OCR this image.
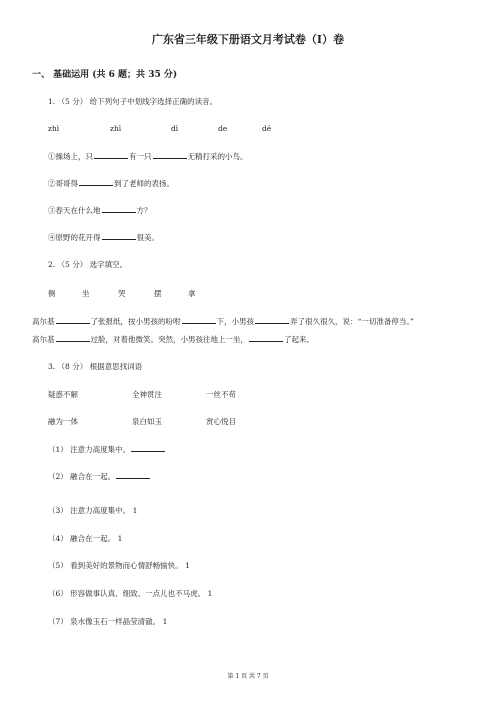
广东省三年级下册语文月考试卷（I）卷
一、 基础运用 (共 6 题；共 35 分)
1. （5 分） 给下列句子中划线字选择正确的读音。
zhì	zhī	dì	de	dé
①操场上，只	有一只	无精打采的小鸟。
②哥哥得	到了老师的表扬。
③春天在什么地	方？
④原野的花开得	很美。
2. （5 分） 选字填空。
侧	坐	哭	摆	拿
高尔基	了张报纸，按小男孩的吩咐	下，小男孩	弄了很久很久，说：“一切准备停当。”
高尔基	过脸，对着他微笑。突然，小男孩往地上一坐，	了起来。
3. （8 分） 根据意思找词语
疑惑不解	全神贯注	一丝不苟
融为一体	泉白如玉	赏心悦目
（1） 注意力高度集中。
（2） 融合在一起。
（3） 注意力高度集中。 1
（4） 融合在一起。 1
（5） 看到美好的景物而心情舒畅愉快。 1
（6） 形容做事认真、细致、一点儿也不马虎。 1
（7） 泉水像玉石一样晶莹清澈。 1
第 1 页 共 7 页
